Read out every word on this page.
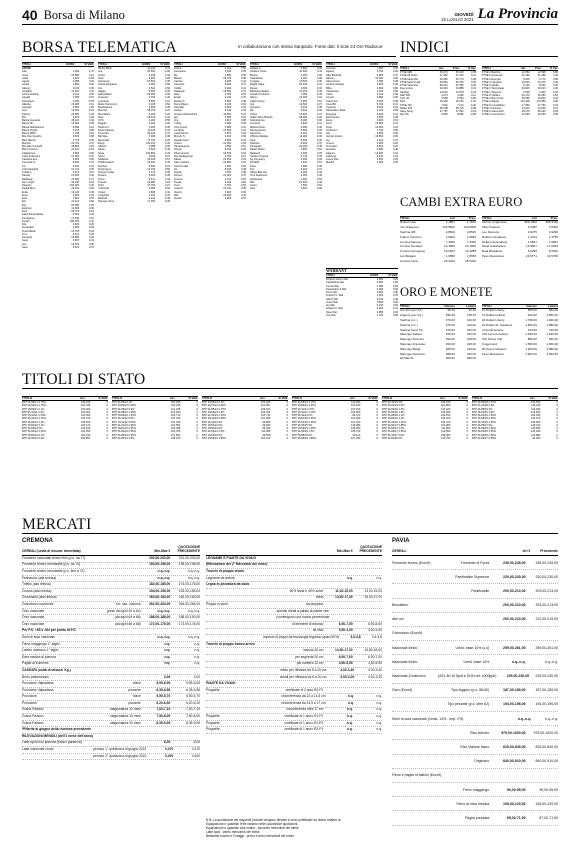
40 Borsa di Milano	GIOVEDÌ
15 LUGLIO 2021 La Provincia
BORSA TELEMATICA	In collaborazione con Intesa Sanpaolo. Fonte dati: Il Sole 24 Ore Radiocor
TITOLI	EURO	% VAR.
AZIONI
A2a	1,929	1,07
Acea	16,880	0,24
Aeffe	1,402	-0,56
Ageas	2,080	0,22
Acotel	1,590	0,00
Alkemy	10,00	0,00
Amplifon	41,620	0,34
Anima Holding	4,214	0,52
Aquafil	7,000	-0,57
Ascopiave	3,640	-0,55
Atlantia	16,005	0,19
Autogrill	6,506	1,06
Avio	12,340	-0,32
Azimut	20,950	0,34
B.F.	3,870	0,26
Banca Generali	35,120	0,40
Banca Ifis	14,500	0,55
Banca Mediolanum	8,384	0,12
Banca Profilo	0,215	0,00
Banco BPM	2,738	0,51
Bca Pop Sondrio	3,532	0,68
Bper Banca	1,778	0,45
Brembo	10,720	0,37
Brunello Cucinelli	46,800	0,22
Buzzi Unicem	22,420	-0,36
Caltagirone	3,660	0,00
Carel Industries	21,300	0,47
Cattolica Ass.	6,505	0,00
Cementir H.	8,490	0,47
Cir	0,494	0,41
Cnh Industrial	14,170	0,35
Credem	5,470	0,37
Danieli	22,900	0,44
Datalogic	19,690	0,72
De' Longhi	35,240	0,34
Diasorin	163,200	0,46
Digital Bros	26,400	0,00
El.En.	13,140	0,46
Enav	3,950	0,43
Enel	7,823	0,54
Eni	10,122	0,82
Erg	25,380	0,23
Esprinet	13,480	0,90
Exor	66,720	0,19
Falck Renewables	6,020	0,42
Ferragamo	17,640	0,57
Ferrari	180,000	0,31
Fila	9,920	0,20
Fincantieri	0,680	0,29
FinecoBank	14,765	0,44
Fnm	0,612	0,33
Generali	16,885	0,33
Geox	0,970	0,41
Gvs	13,400	0,45
Hera	3,514	0,57
TITOLI	EURO	% VAR.
Illimity Bank	11,120	0,72
Ima	63,900	0,00
Immsi	0,468	0,43
Inwit	9,920	0,29
Interpump	51,500	0,35
Intesa Sanpaolo	2,350	0,69
Iren	2,522	0,56
Italgas	5,560	0,43
Italmobiliare	29,950	0,00
Juventus	0,764	0,40
Leonardo	6,850	0,21
Maire Tecnimont	3,338	0,54
Mediobanca	9,868	0,35
Moncler	58,700	0,24
Mondadori	2,040	0,29
Nexi	18,615	0,41
OVS	2,182	0,55
Piaggio	3,304	0,30
Pirelli & C	4,906	0,35
Poste Italiane	11,125	0,41
Prysmian	30,120	0,47
Rai Way	5,030	0,40
Recordati	47,730	0,25
Reply	143,400	0,42
Saipem	1,988	0,30
Saras	0,660	0,45
Sesa	140,800	0,43
Snam	4,926	0,37
Stellantis	16,196	0,57
STMicroelectr.	31,430	0,46
Tamburi	8,590	0,23
Technogym	10,740	0,56
Telecom Italia	0,372	0,35
Tenaris	8,664	0,49
Terna	6,414	0,44
Tinexta	33,680	0,24
Tod's	47,700	0,21
UniCredit	9,986	0,56
Unipol	4,808	0,42
UnipolSai	2,432	0,33
Webuild	2,214	0,45
Zignago Vetro	17,260	0,35
TITOLI	EURO	% VAR.
Anima	4,214	0,52
Ascopiave	3,640	0,55
Be	1,830	0,00
Biesse	26,700	0,38
Carraro	2,490	0,41
Cementir	8,490	0,47
Cofide	0,494	0,41
Datalogic	19,690	0,72
Elica	3,780	0,53
Emak	2,140	0,47
Eurotech	5,350	0,38
Fiera Milano	3,100	0,32
Garofalo	5,900	0,34
Gefran	9,140	0,44
Gruppo MutuiOnline	42,600	0,47
Igd	3,950	0,51
Irce	2,660	0,38
It Way	0,890	0,00
Kme Group	0,980	0,41
La Doria	17,560	0,23
Landi Renzo	0,870	0,46
Mondo Tv	2,010	0,50
Newlat Food	6,380	0,31
Orsero	10,300	0,39
Panariagroup	1,990	0,51
Piovan	8,760	0,46
Pharmanutra	62,500	0,32
Rcs Mediagroup	0,750	0,27
Sabaf	23,300	0,43
Saes Getters	22,850	0,44
Servizi Italia	1,560	0,64
Sit	8,400	0,48
Sogefi	1,450	0,35
Somec	21,300	0,47
Tesmec	0,124	0,81
Tiscali	0,042	0,00
Trevi	0,760	0,53
Unieuro	23,140	0,35
Vianini	1,200	0,00
Wiit	23,600	0,42
Zucchi	1,960	0,51
TITOLI	EURO	% VAR.
Abitare In	5,820	0,35
Antares Vision	11,600	0,43
Bioera	0,350	0,00
Cellularline	5,200	0,39
Cy4gate	13,800	0,36
Digital Value	82,400	0,24
Doxee	6,600	0,30
Ediliziacrobatica	10,200	0,49
Franchi Umberto	7,050	0,43
Gibus	16,000	0,31
Giglio Group	3,900	0,51
Gpi	13,500	0,37
Growens	4,420	0,45
Illa	0,510	0,00
Intred	13,600	0,37
Italian Wine Brands	38,200	0,26
Kolinpharma	8,000	0,00
Lventure	0,640	0,31
Matica Fintec	2,480	0,40
Neosperience	5,660	0,35
Notorious	3,100	0,32
Officina Stellare	11,000	0,00
Osai	5,600	0,36
Planetel	6,400	0,47
Portobello	22,000	0,45
Radici Pietro	1,860	0,54
Relatech	3,480	0,29
Sciuker Frames	5,740	0,35
Sg Company	0,260	0,00
Siti B&T	1,640	0,61
Svas	7,680	0,39
Tps	5,400	0,37
Ulisse Biomed	6,200	0,32
Vimi Fasteners	2,050	0,49
Websolute	1,900	0,53
Wiit	23,600	0,42
Xenia	1,560	0,64
Zest	0,520	0,00
TITOLI	EURO	% VAR.
Acomea	7,900	0,00
Agatos	0,780	0,39
Alfio Bardolla	5,480	0,37
Alkemy	10,000	0,00
Altea Green	2,080	0,48
Ambromobiliare	3,060	0,33
Bifire	1,660	0,60
Casta Diva	1,100	0,00
Circle	4,120	0,49
Comal	2,860	0,35
Copernico	5,100	0,39
Cover50	9,700	0,21
Cyberoo	6,400	0,31
Destination Italia	1,120	0,89
Energica	3,220	0,31
Enertronica	2,560	0,39
Eviso	3,900	0,51
Fervi	12,800	0,31
Fope	14,500	0,34
Friulchem	1,700	0,59
Gel	3,860	0,52
Giorgio Fedon	10,800	0,00
Ieg	2,120	0,47
Imvest	0,360	0,00
Innovatec	3,840	0,26
Iervolino	2,080	0,48
Kaleyra	12,300	0,41
Labomar	9,140	0,44
Leone Film	3,500	0,29
Macchi	3,000	0,33
WARRANT
TITOLI	EURO	% VAR.
Antares Vision War	2,800	0,00
Cellularline War	0,560	1,82
Comal War	1,080	0,93
Destination It War	0,180	0,00
Fervi War	0,620	0,00
Franchi U. War	1,300	0,78
Gibus War	4,100	0,49
Intred War	7,800	0,00
Ieg War	0,240	0,00
Sciuker F. War	2,460	0,41
Svas War	0,980	0,00
Tps War	1,700	0,59
INDICI
TITOLI	Ieri	Prec.	% Var.
FTSE MIB	25.274	25.160	0,45
FTSE All Share	27.652	27.540	0,41
FTSE Italia Mid	46.950	46.770	0,38
FTSE Italia Small	29.864	29.760	0,35
FTSE Italia Star	58.210	57.980	0,40
Dow Jones	34.933	34.888	0,13
Nasdaq	14.644	14.678	-0,23
S&P 500	4.374	4.369	0,12
CAC 40	6.558	6.554	0,06
DAX	15.629	15.790	-1,02
FTSE 100	7.091	7.124	-0,46
Nikkei 225	28.608	28.718	-0,38
Hang Seng	27.787	27.852	-0,23
Ibex 35	8.806	8.866	-0,68
TITOLI	Ieri	Prec.	% Var.
FTSE It Banche	12.684	12.598	0,68
FTSE It Assicuraz.	31.420	31.288	0,42
FTSE It Energia	6.830	6.772	0,86
FTSE It Industria	42.640	42.471	0,40
FTSE It Media	8.120	8.092	0,35
FTSE It Tecnologia	49.820	49.620	0,40
FTSE It Telecom	2.930	2.920	0,34
FTSE It Utilities	36.470	36.280	0,52
FTSE It Beni Cons.	49.980	49.810	0,34
FTSE It Salute	114.300	113.850	0,40
FTSE It Immobiliare	17.850	17.790	0,34
FTSE It Chimica	24.610	24.520	0,37
FTSE It Automobili	28.470	28.320	0,53
FTSE It Costruzioni	33.660	33.530	0,39
CAMBI EXTRA EURO
TITOLI	Ieri	Prec.
Dollaro Usa	1,1807	1,1812
Yen Giappone	129,9600	130,0900
Sterlina GB	0,8529	0,8549
Franco Svizzero	1,0823	1,0845
Corona Danese	7,4366	7,4369
Corona Svedese	10,1858	10,1900
Corona Norvegese	10,2963	10,3288
Lev Bulgaro	1,9558	1,9558
Corona Ceca	25,4910	25,5340
TITOLI	Ieri	Prec.
Fiorino Ungherese	358,1300	358,4700
Zloty Polacco	4,5380	4,5494
Leu Romeno	4,9275	4,9290
Dollaro Canadese	1,4763	1,4759
Dollaro Australiano	1,5847	1,5837
Rand Sudafricano	16,9927	17,0040
Real Brasiliano	6,0299	6,0530
Peso Messicano	23,5771	23,5760
ORO E MONETE
TITOLI	Denaro	Lettera
Oro fino (per Gr.)	48,10	52,10
Argento (per Kg.)	648,30	748,20
Sterlina (v.c.)	370,00	410,00
Sterlina (n.c.)	376,00	416,00
Sterlina (post 74)	376,00	416,00
Marengo Italiano	295,00	325,00
Marengo Svizzero	290,00	318,00
Marengo Francese	290,00	318,00
Marengo Belga	288,00	316,00
Marengo Austriaco	288,00	316,00
20 Marchi	360,00	395,00
TITOLI	Denaro	Lettera
10 Dollari Liberty	865,00	960,00
10 Dollari Indiano	920,00	1.050,00
20 Dollari Liberty	1.780,00	1.940,00
20 Dollari St. Gaudens	1.820,00	1.980,00
4 Ducati Austria	670,00	735,00
100 Corone Austria	1.480,00	1.620,00
100 Pesos Cile	880,00	960,00
Krugerrand	1.560,00	1.650,00
50 Pesos Messico	1.920,00	2.080,00
Peso Messicano	1.900,00	2.060,00
TITOLI DI STATO
TITOLO	Ieri	% VAR.
BTP 01/08/21 3,75%	100,196	0
BTP 01/09/21 4,75%	100,436	0
BTP 15/09/21 2,1%	100,309	0
BTP 01/11/21 2,3%	100,462	0
BTP 15/11/21 0,35%	100,093	0
BTP 01/12/21 2,15%	100,723	0
BTP 01/02/22 1,2%	100,870	0
BTP 15/02/22 0,1%	100,174	0
BTP 01/03/22 5%	103,160	0
BTP 01/04/22 1,35%	101,350	0
BTP 15/04/22 0,7%	100,616	0
BTP 01/05/22 0,9%	100,857	0
TITOLO	Ieri	% VAR.
BTP 01/06/22 1%	100,935	0
BTP 15/06/22 0,05%	100,236	0
BTP 01/08/22 0,9%	101,208	0
BTP 01/09/22 1,45%	101,930	0
BTP 15/09/22 1,25%	101,719	0
BTP 01/11/22 5,5%	107,430	0
BTP 15/11/22 0,05%	100,329	0
BTP 01/12/22 0,95%	101,552	0
BTP 15/01/23 0,05%	100,358	0
BTP 01/02/23 0,95%	101,785	0
BTP 01/03/23 0,95%	101,891	0
BTP 01/05/23 4,5%	108,150	0
TITOLO	Ieri	% VAR.
BTP 15/05/23 0,6%	101,404	0
BTP 01/07/23 0,65%	101,687	0
BTP 01/08/23 4,75%	109,810	0
BTP 15/09/23 2,6%	106,030	0
BTP 01/10/23 2,45%	105,730	0
BTP 15/10/23 0,65%	101,980	0
BTP 01/12/23 0%	99,880	0
BTP 15/01/24 0%	99,840	0
BTP 15/02/24 0%	99,780	0
BTP 01/03/24 4,5%	111,480	0
BTP 15/04/24 0%	99,650	0
BTP 15/05/24 1,85%	105,210	0
TITOLO	Ieri	% VAR.
BTP 01/09/24 3,75%	110,960	0
BTP 15/09/24 1,45%	104,540	0
BTP 01/11/24 2,5%	107,940	0
BTP 15/11/24 1,45%	104,830	0
BTP 01/12/24 0%	99,470	0
BTP 15/01/25 0,35%	101,060	0
BTP 01/02/25 0,35%	101,100	0
BTP 01/03/25 5%	118,380	0
BTP 15/05/25 1,45%	105,450	0
BTP 01/06/25 1,5%	105,730	0
BTP 15/08/25 0%	99,110	0
BTP 01/09/25 1,85%	107,330	0
TITOLO	Ieri	% VAR.
BTP 01/12/25 2%	108,340	0
BTP 01/02/26 0,5%	101,550	0
BTP 01/03/26 4,5%	120,420	0
BTP 01/06/26 1,6%	106,930	0
BTP 01/08/26 2,1%	109,630	0
BTP 15/09/26 3,1%	106,020	0
BTP 01/12/26 1,25%	105,310	0
BTP 01/02/27 0,85%	103,080	0
BTP 01/06/27 2,2%	111,080	0
BTP 01/08/27 2,05%	110,550	0
BTP 01/11/27 6,5%	138,480	0
BTP 01/02/28 2%	110,780	0
TITOLO	Ieri	% VAR.
BTP 01/09/28 4,75%	130,050	0
BTP 01/12/28 2,8%	116,440	0
BTP 01/08/29 3%	119,090	0
BTP 01/03/30 3,5%	123,820	0
BTP 01/04/30 1,35%	106,230	0
BTP 01/08/30 0,95%	102,670	0
BTP 01/12/30 1,65%	108,380	0
BTP 01/05/31 6%	148,440	0
BTP 01/09/33 2,45%	115,580	0
BTP 01/03/35 3,35%	126,390	0
BTP 01/09/36 2,25%	113,880	0
BTP 01/03/37 0,95%	96,280	0
MERCATI
CREMONA
CEREALI (unità di misura: tonnellata)	Min-Max €
QUOTAZIONE PRECEDENTE
Frumento nazionale tenero fino (p.s. da 77)	200,00-203,00	201,00-205,00
Frumento tenero mercantile (p.s. da 74)	193,00-196,00	195,00-198,00
Frumento tenero mercantile (p.s. fino a 73)	n.q.-n.q.	n.q.-n.q.
Farinaccio (alla rinfusa)	n.q.-n.q.	n.q.-n.q.
Tritello (alla rinfusa)	182,00-185,00	174,00-176,00
Crusca (alla rinfusa)	154,00-156,00	153,00-155,00
Cruschello (alla rinfusa)	160,00-163,00	160,00-163,00
Granoturco nazionale	for. naz. comune	262,00-264,00	264,00-266,00
Orzo nazionale	(peso da kg/hl 62 a 64)	n.q.-n.q.	n.q.-n.q.
Orzo nazionale	(da kg/hl 64 a 66)	186,00-188,00	188,00-190,00
Orzo nazionale	(da kg/hl 66 a 68)	172,00-175,00	173,00-176,00
Per P.S. <55 e >64 per punto di P.S.
Semi di soia nazionale	n.q.-n.q.	n.q.-n.q.
Fieno maggengo 1° taglio	n.q.	n.q.
Loietto nostrano 1° taglio	n.q.	n.q.
Erba medica di pianura	n.q.	n.q.
Paglia di frumento	n.q.	n.q.
CASEARI (unità di misura: Kg.)
Burro pastorizzato	3,00	3,00
Provolone Valpadana	dolce	5,95-6,05	5,95-6,05
Provolone Valpadana	piccante	6,35-6,55	6,35-6,55
Provolone	dolce	5,50-5,70	5,50-5,70
Provolone	piccante	6,20-6,30	6,20-6,30
Grana Padano	stagionatura 10 mesi	7,00-7,10	7,00-7,10
Grana Padano	stagionatura 15 mesi	7,50-8,00	7,50-8,00
Grana Padano	stagionatura 20 mesi	8,35-9,05	8,35-9,05
*Riferite al giugno della riunione precedente
RILEVAZIONI MENSILI (dell'1 mese dell'anno)
Latte spot fuori pianura (franco partenza)	6,00	6,00
Latte nazionale crudo	periodo 1° quindicina di giugno 2021	0,370	0,370
periodo 2° quindicina di giugno 2021	0,400	0,400
Min-Max €
QUOTAZIONE PRECEDENTE
LEGNAME E PIANTE DA VIVAIO
(Rilevazione del 2° Mercoledì del mese)
Tronchi di pioppo vivaio
Legname da ardere	n.q.	n.q.
Legna in pezzatura da stufa
60% faina e 40% dolce	11,00-15,00	13,00-15,00
faina	13,00-17,00	15,00-17,00
Pioppo in piedi	da pioppeto
specari ritirati a palato di piante vive
(contengono una buona percentuale
di elementi di trancia)	6,50-7,50	6,50-8,50
da rifilo	3,00-4,00	3,00-4,00
imposto di pioppi da tecnologia legnosa (quasi 50%)	3,5-3,8	3,5-3,8
Tronchi di pioppo franco arrivo
trancia 25 cm	14,50-17,00	15,50-18,00
per segheria 20 cm	6,00-7,00	6,00-7,00
per cartiera 10 cm	4,50-5,50	4,50-5,50
misto per rifilatura da 5 a 20 cm	3,00-3,40	3,00-3,40
cimali per rifilatura da 5 a 20 cm	3,00-3,20	3,00-3,20
PIANTE DA VIVAIO
Pioppelle	certificate di 2 anni R2-P1
circonferenza da 12 a 14,5 cm	n.q.	n.q.
circonferenza da 14,5 a 17 cm	n.q.	n.q.
circonferenza oltre 17 cm	n.q.	n.q.
Pioppelle	certificate di 1 anno R1-P1	n.q.	n.q.
Pioppelle	certificate di 1 anno R1-P2	n.q.	n.q.
Pioppelle	certificate di 1 anno R2-P1	n.q.	n.q.
PAVIA
CEREALI	Ieri €	Precedente
Frumento tenero (Euro/t)	Frumento di Forza	235,00-245,00	235,00-245,00
Panificabile Superiore	220,00-230,00	220,00-230,00
Panificabile	200,00-210,00	203,00-213,00
Biscottiero	200,00-210,00	203,00-213,00
Altri usi	200,00-210,00	210,00-215,00
Granoturco (Euro/t)
Nazionale Ibrido	Umid. base 14% (c.o)	259,00-261,00	259,00-261,00
Nazionale Ibrido	Umid. base 14%	n.q.-n.q.	n.q.-n.q.
Nazionale Zootecnico	(AFL.B1 M Spot e DON ref. 4000ppb)	225,00-230,00	225,00-230,00
Orzo (Euro/t)	Tipo leggero (p.s. 58-60)	187,00-189,00	187,00-189,00
Tipo pesante (p.s. oltre 62)	194,00-196,00	194,00-196,00
Semi di soia nazionale (Umid. 14% - Imp. 2%)	n.q.-n.q.	n.q.-n.q.
Riso Arborio	975,00-1000,00	975,00-1000,00
Riso Vialone Nano	815,00-840,00	815,00-840,00
Originario	840,00-910,00	840,00-910,00
Fieno e paglia in balloni (Euro/t)
Fieno maggengo	90,00-95,00	90,00-95,00
Fieno di erba medica	105,00-120,00	105,00-120,00
Paglia pressata	65,00-71,00	67,00-71,00
N.B. La quotazione dei seguenti prodotti vengono rilevate e sono pubblicate su listino relativo ai
Equipazione e quantità: ferle variano nelle successive quotazioni.
Equipazione e quantità: Ass mutue - secondo mercoledì del mese
Latte spot - primo mercoledì del mese
Bestiame bovino e Foraggi - primo e terzo mercoledì del mese
